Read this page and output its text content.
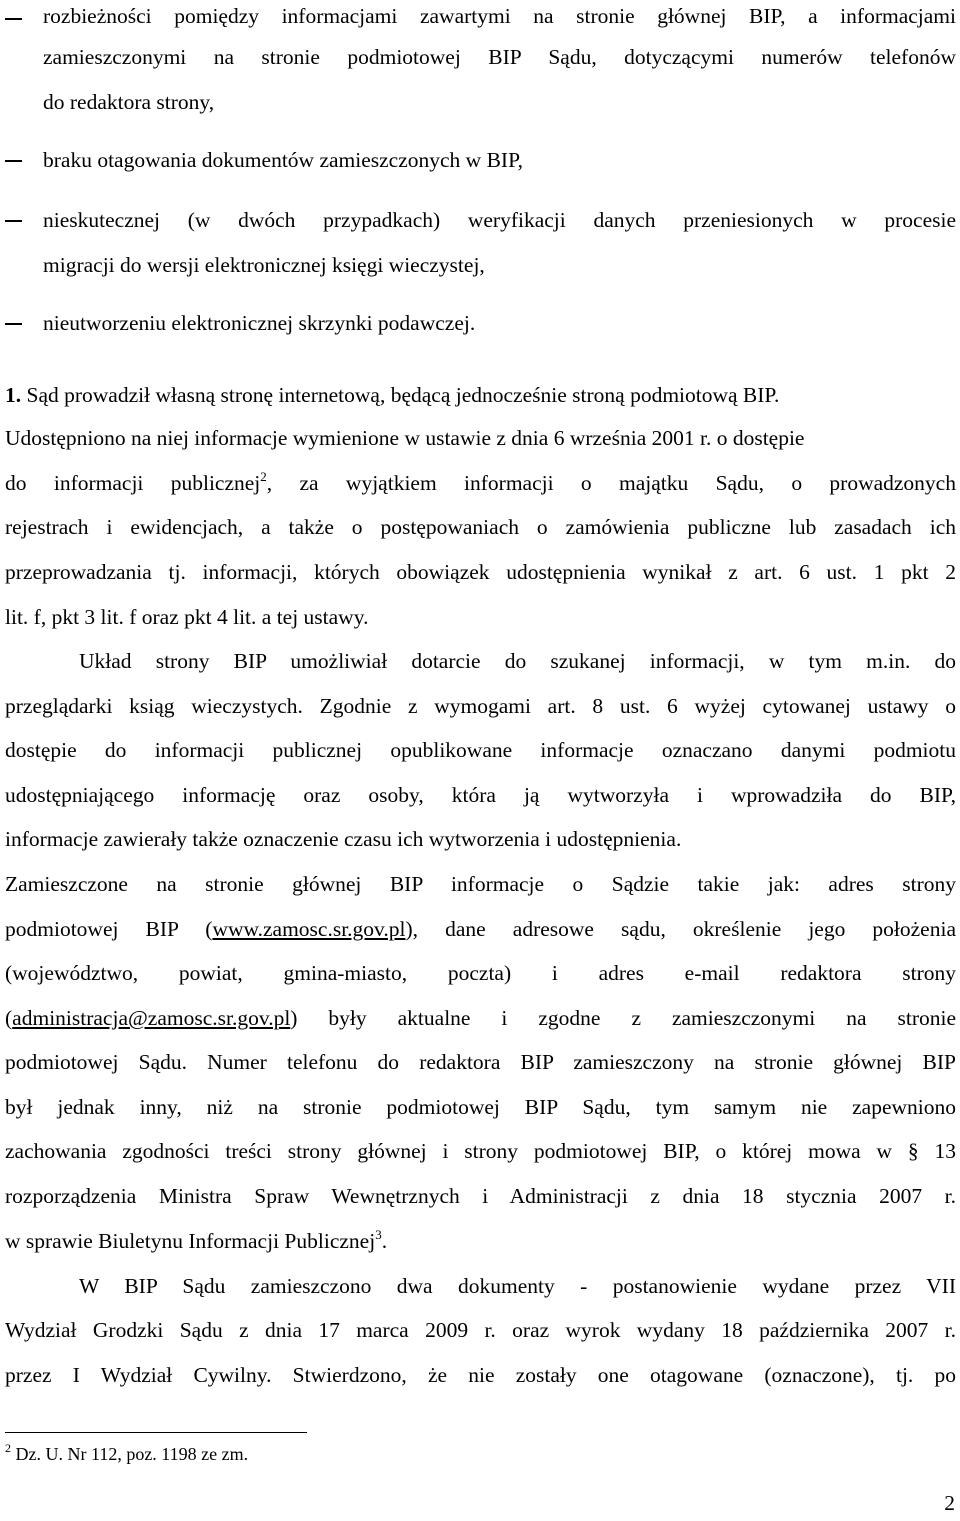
rozbieżności pomiędzy informacjami zawartymi na stronie głównej BIP, a informacjami
zamieszczonymi na stronie podmiotowej BIP Sądu, dotyczącymi numerów telefonów
do redaktora strony,
braku otagowania dokumentów zamieszczonych w BIP,
nieskutecznej (w dwóch przypadkach) weryfikacji danych przeniesionych w procesie
migracji do wersji elektronicznej księgi wieczystej,
nieutworzeniu elektronicznej skrzynki podawczej.
1. Sąd prowadził własną stronę internetową, będącą jednocześnie stroną podmiotową BIP.
Udostępniono na niej informacje wymienione w ustawie z dnia 6 września 2001 r. o dostępie
do informacji publicznej$^2$, za wyjątkiem informacji o majątku Sądu, o prowadzonych
rejestrach i ewidencjach, a także o postępowaniach o zamówienia publiczne lub zasadach ich
przeprowadzania tj. informacji, których obowiązek udostępnienia wynikał z art. 6 ust. 1 pkt 2
lit. f, pkt 3 lit. f oraz pkt 4 lit. a tej ustawy.
Układ strony BIP umożliwiał dotarcie do szukanej informacji, w tym m.in. do
przeglądarki ksiąg wieczystych. Zgodnie z wymogami art. 8 ust. 6 wyżej cytowanej ustawy o
dostępie do informacji publicznej opublikowane informacje oznaczano danymi podmiotu
udostępniającego informację oraz osoby, która ją wytworzyła i wprowadziła do BIP,
informacje zawierały także oznaczenie czasu ich wytworzenia i udostępnienia.
Zamieszczone na stronie głównej BIP informacje o Sądzie takie jak: adres strony
podmiotowej BIP (www.zamosc.sr.gov.pl), dane adresowe sądu, określenie jego położenia
(województwo, powiat, gmina-miasto, poczta) i adres e-mail redaktora strony
(administracja@zamosc.sr.gov.pl) były aktualne i zgodne z zamieszczonymi na stronie
podmiotowej Sądu. Numer telefonu do redaktora BIP zamieszczony na stronie głównej BIP
był jednak inny, niż na stronie podmiotowej BIP Sądu, tym samym nie zapewniono
zachowania zgodności treści strony głównej i strony podmiotowej BIP, o której mowa w § 13
rozporządzenia Ministra Spraw Wewnętrznych i Administracji z dnia 18 stycznia 2007 r.
w sprawie Biuletynu Informacji Publicznej$^3$.
W BIP Sądu zamieszczono dwa dokumenty - postanowienie wydane przez VII
Wydział Grodzki Sądu z dnia 17 marca 2009 r. oraz wyrok wydany 18 października 2007 r.
przez I Wydział Cywilny. Stwierdzono, że nie zostały one otagowane (oznaczone), tj. po
$^2$ Dz. U. Nr 112, poz. 1198 ze zm.
2
